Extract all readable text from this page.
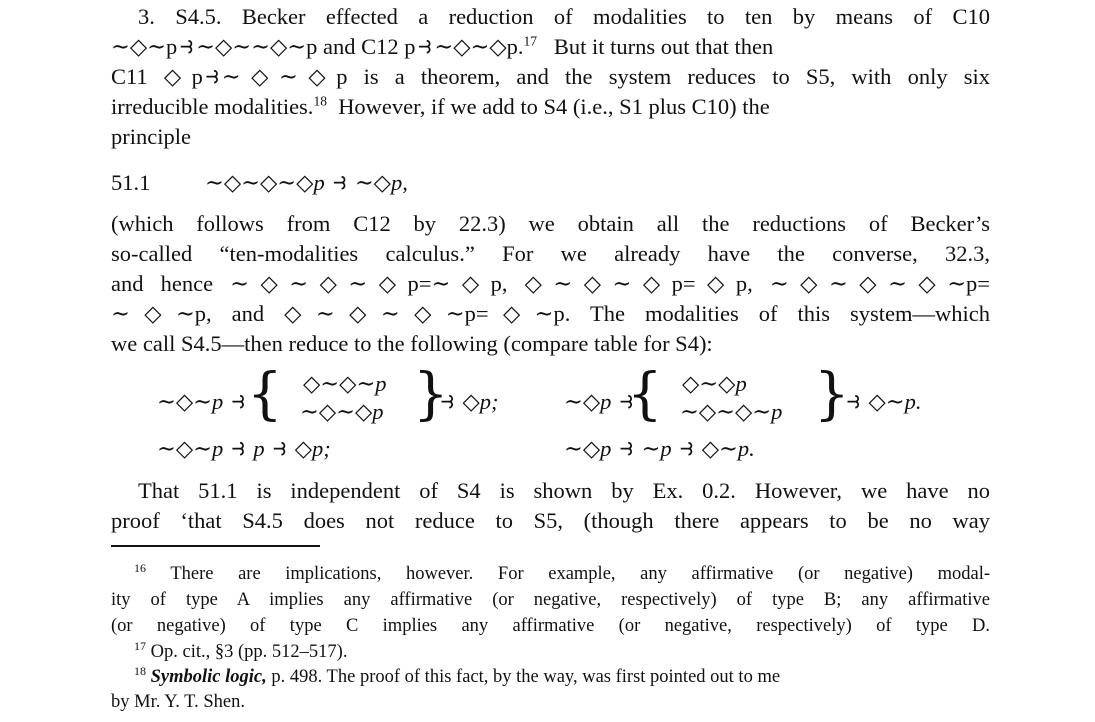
3. S4.5. Becker effected a reduction of modalities to ten by means of C10
∼◇∼p⥽∼◇∼∼◇∼p and C12 p⥽∼◇∼◇p.$^{17}$ But it turns out that then
C11 ◇p⥽∼◇∼◇p is a theorem, and the system reduces to S5, with only six
irreducible modalities.$^{18}$ However, if we add to S4 (i.e., S1 plus C10) the
principle
51.1 ∼◇∼◇∼◇p ⥽ ∼◇p,
(which follows from C12 by 22.3) we obtain all the reductions of Becker’s
so-called “ten-modalities calculus.” For we already have the converse, 32.3,
and hence ∼◇∼◇∼◇p=∼◇p, ◇∼◇∼◇p=◇p, ∼◇∼◇∼◇∼p=
∼◇∼p, and ◇∼◇∼◇∼p=◇∼p. The modalities of this system—which
we call S4.5—then reduce to the following (compare table for S4):
∼◇∼p ⥽ { ◇∼◇∼p
∼◇∼◇p }
⥽ ◇p;	∼◇p ⥽
{ ◇∼◇p
∼◇∼◇∼p }
⥽ ◇∼p.
∼◇∼p ⥽ p ⥽ ◇p;	∼◇p ⥽ ∼p ⥽ ◇∼p.
That 51.1 is independent of S4 is shown by Ex. 0.2. However, we have no
proof ‘that S4.5 does not reduce to S5, (though there appears to be no way
$^{16}$ There are implications, however. For example, any affirmative (or negative) modal-
ity of type A implies any affirmative (or negative, respectively) of type B; any affirmative
(or negative) of type C implies any affirmative (or negative, respectively) of type D.
$^{17}$ Op. cit., §3 (pp. 512–517).
$^{18}$ Symbolic logic, p. 498. The proof of this fact, by the way, was first pointed out to me
by Mr. Y. T. Shen.
